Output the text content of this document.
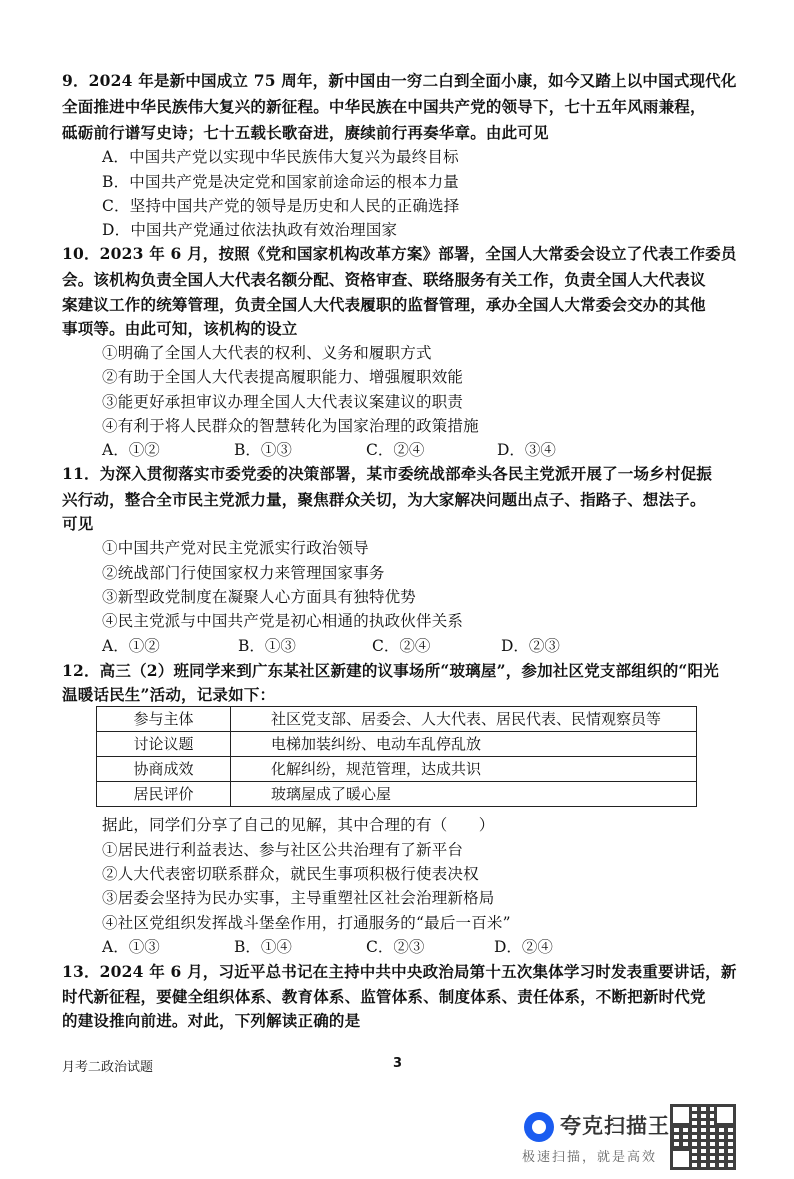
9．2024 年是新中国成立 75 周年，新中国由一穷二白到全面小康，如今又踏上以中国式现代化
全面推进中华民族伟大复兴的新征程。中华民族在中国共产党的领导下，七十五年风雨兼程，
砥砺前行谱写史诗；七十五载长歌奋进，赓续前行再奏华章。由此可见
A．中国共产党以实现中华民族伟大复兴为最终目标
B．中国共产党是决定党和国家前途命运的根本力量
C．坚持中国共产党的领导是历史和人民的正确选择
D．中国共产党通过依法执政有效治理国家
10．2023 年 6 月，按照《党和国家机构改革方案》部署，全国人大常委会设立了代表工作委员
会。该机构负责全国人大代表名额分配、资格审查、联络服务有关工作，负责全国人大代表议
案建议工作的统筹管理，负责全国人大代表履职的监督管理，承办全国人大常委会交办的其他
事项等。由此可知，该机构的设立
①明确了全国人大代表的权利、义务和履职方式
②有助于全国人大代表提高履职能力、增强履职效能
③能更好承担审议办理全国人大代表议案建议的职责
④有利于将人民群众的智慧转化为国家治理的政策措施
A．①②	B．①③	C．②④	D．③④
11．为深入贯彻落实市委党委的决策部署，某市委统战部牵头各民主党派开展了一场乡村促振
兴行动，整合全市民主党派力量，聚焦群众关切，为大家解决问题出点子、指路子、想法子。
可见
①中国共产党对民主党派实行政治领导
②统战部门行使国家权力来管理国家事务
③新型政党制度在凝聚人心方面具有独特优势
④民主党派与中国共产党是初心相通的执政伙伴关系
A．①②	B．①③	C．②④	D．②③
12．高三（2）班同学来到广东某社区新建的议事场所“玻璃屋”，参加社区党支部组织的“阳光
温暖话民生”活动，记录如下：
参与主体	社区党支部、居委会、人大代表、居民代表、民情观察员等
讨论议题	电梯加装纠纷、电动车乱停乱放
协商成效	化解纠纷，规范管理，达成共识
居民评价	玻璃屋成了暖心屋
据此，同学们分享了自己的见解，其中合理的有（　　）
①居民进行利益表达、参与社区公共治理有了新平台
②人大代表密切联系群众，就民生事项积极行使表决权
③居委会坚持为民办实事，主导重塑社区社会治理新格局
④社区党组织发挥战斗堡垒作用，打通服务的“最后一百米”
A．①③	B．①④	C．②③	D．②④
13．2024 年 6 月，习近平总书记在主持中共中央政治局第十五次集体学习时发表重要讲话，新
时代新征程，要健全组织体系、教育体系、监管体系、制度体系、责任体系，不断把新时代党
的建设推向前进。对此，下列解读正确的是
月考二政治试题	3
夸克扫描王
极速扫描，就是高效
